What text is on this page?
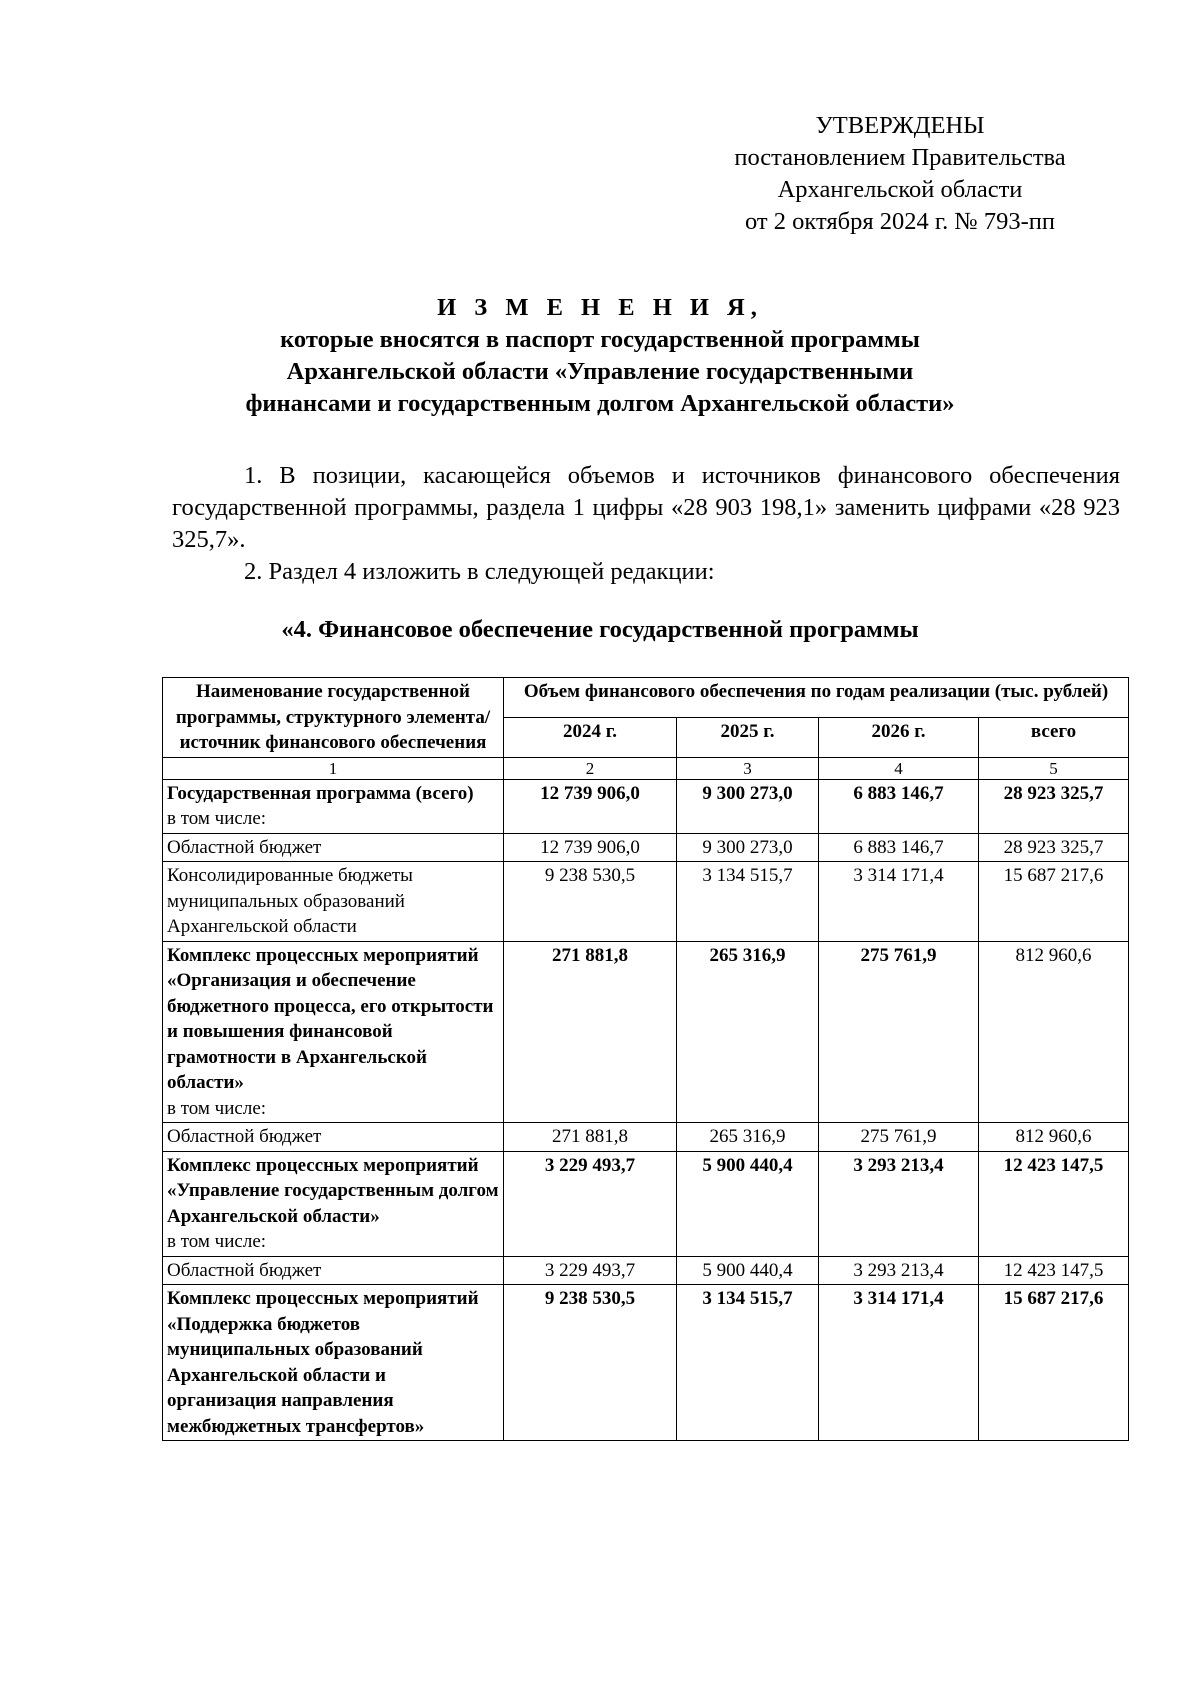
УТВЕРЖДЕНЫ
постановлением Правительства
Архангельской области
от 2 октября 2024 г. № 793-пп
И З М Е Н Е Н И Я,
которые вносятся в паспорт государственной программы
Архангельской области «Управление государственными
финансами и государственным долгом Архангельской области»

1. В позиции, касающейся объемов и источников финансового обеспечения государственной программы, раздела 1 цифры «28 903 198,1» заменить цифрами «28 923 325,7».

2. Раздел 4 изложить в следующей редакции:

«4. Финансовое обеспечение государственной программы
Наименование государственной программы, структурного элемента/источник финансового обеспечения	Объем финансового обеспечения по годам реализации (тыс. рублей)			
	2024 г.	2025 г.	2026 г.	всего
1	2	3	4	5

Государственная программа (всего)
в том числе:	12 739 906,0	9 300 273,0	6 883 146,7	28 923 325,7
Областной бюджет	12 739 906,0	9 300 273,0	6 883 146,7	28 923 325,7
Консолидированные бюджеты муниципальных образований Архангельской области	9 238 530,5	3 134 515,7	3 314 171,4	15 687 217,6

Комплекс процессных мероприятий «Организация и обеспечение бюджетного процесса, его открытости и повышения финансовой грамотности в Архангельской области»
в том числе:	271 881,8	265 316,9	275 761,9	812 960,6
Областной бюджет	271 881,8	265 316,9	275 761,9	812 960,6

Комплекс процессных мероприятий «Управление государственным долгом Архангельской области»
в том числе:	3 229 493,7	5 900 440,4	3 293 213,4	12 423 147,5
Областной бюджет	3 229 493,7	5 900 440,4	3 293 213,4	12 423 147,5
Комплекс процессных мероприятий «Поддержка бюджетов муниципальных образований Архангельской области и организация направления межбюджетных трансфертов»	9 238 530,5	3 134 515,7	3 314 171,4	15 687 217,6
